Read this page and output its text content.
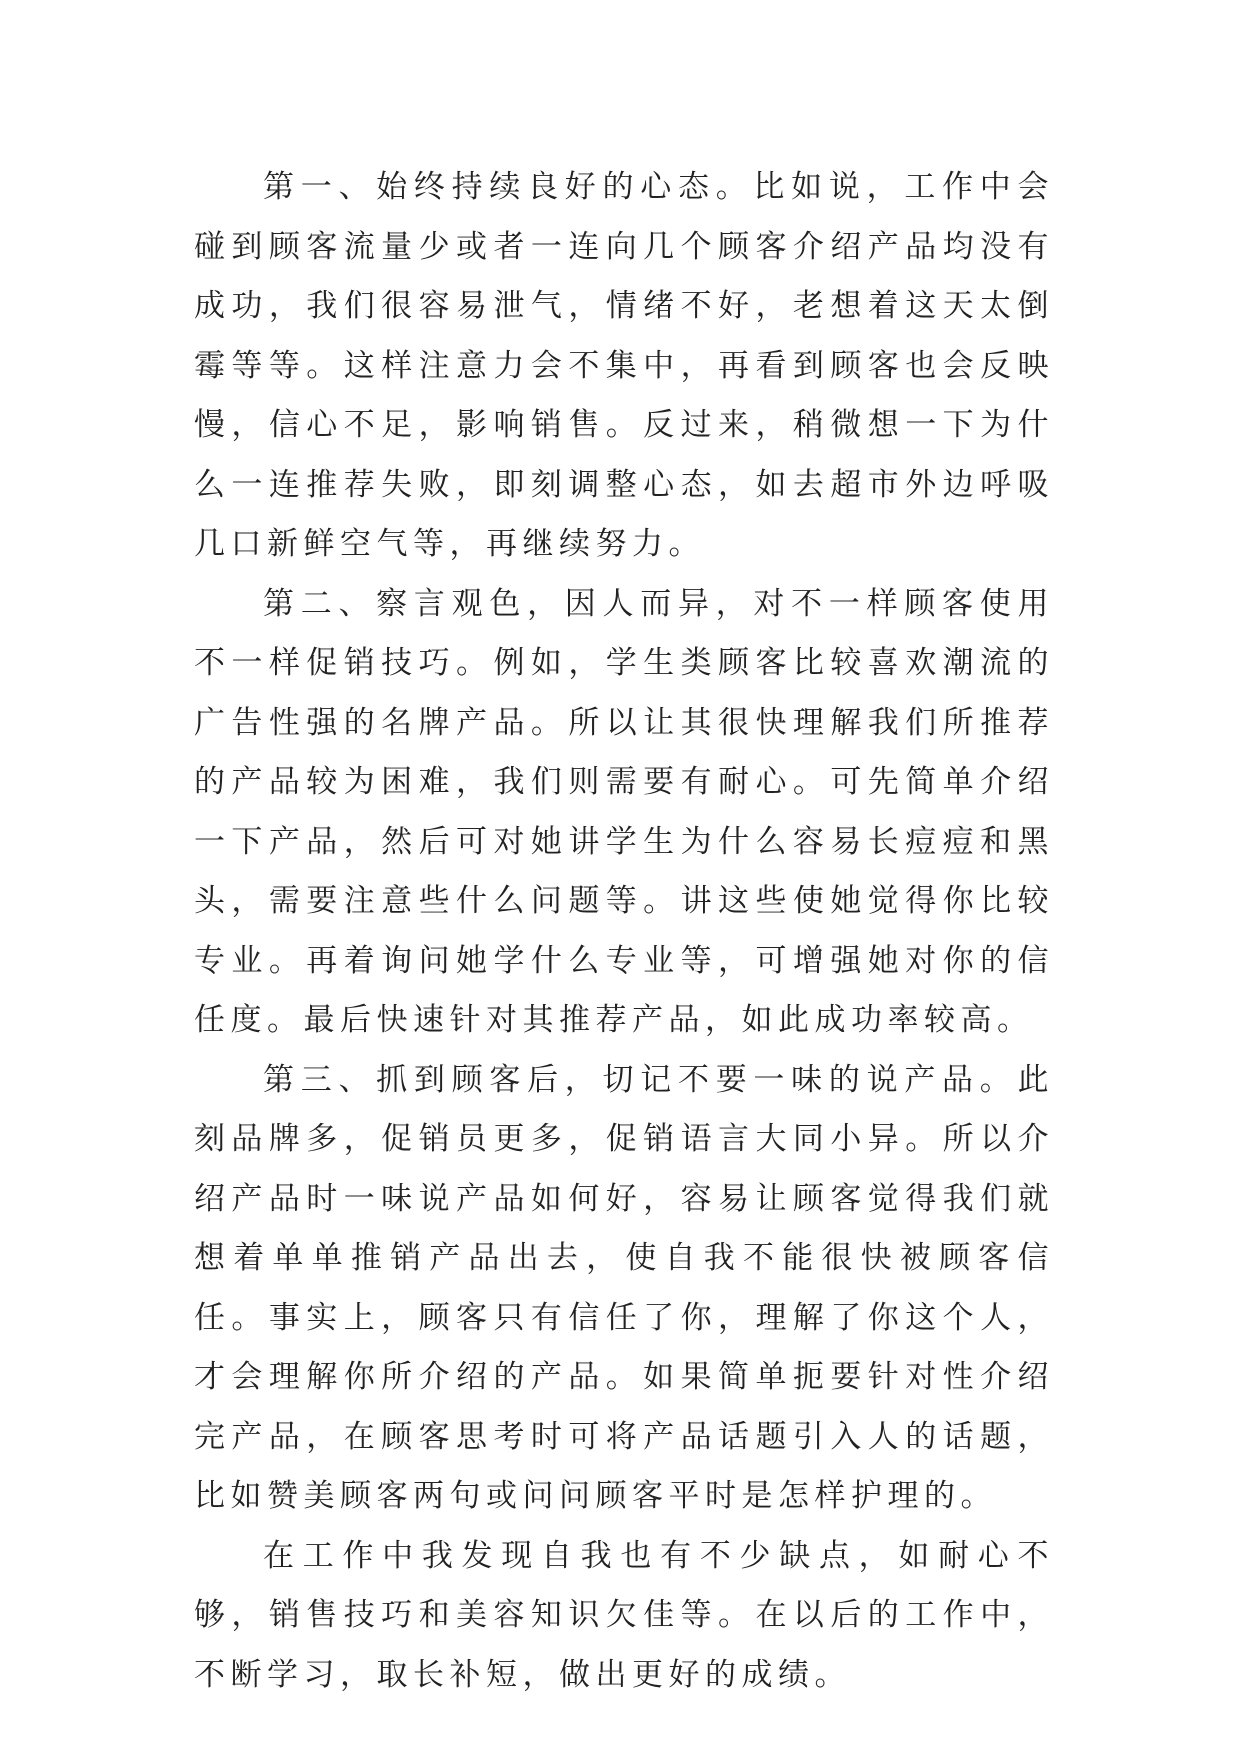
第一、始终持续良好的心态。比如说，工作中会碰到顾客流量少或者一连向几个顾客介绍产品均没有成功，我们很容易泄气，情绪不好，老想着这天太倒霉等等。这样注意力会不集中，再看到顾客也会反映慢，信心不足，影响销售。反过来，稍微想一下为什么一连推荐失败，即刻调整心态，如去超市外边呼吸几口新鲜空气等，再继续努力。

第二、察言观色，因人而异，对不一样顾客使用不一样促销技巧。例如，学生类顾客比较喜欢潮流的广告性强的名牌产品。所以让其很快理解我们所推荐的产品较为困难，我们则需要有耐心。可先简单介绍一下产品，然后可对她讲学生为什么容易长痘痘和黑头，需要注意些什么问题等。讲这些使她觉得你比较专业。再着询问她学什么专业等，可增强她对你的信任度。最后快速针对其推荐产品，如此成功率较高。

第三、抓到顾客后，切记不要一味的说产品。此刻品牌多，促销员更多，促销语言大同小异。所以介绍产品时一味说产品如何好，容易让顾客觉得我们就想着单单推销产品出去，使自我不能很快被顾客信任。事实上，顾客只有信任了你，理解了你这个人，才会理解你所介绍的产品。如果简单扼要针对性介绍完产品，在顾客思考时可将产品话题引入人的话题，比如赞美顾客两句或问问顾客平时是怎样护理的。

在工作中我发现自我也有不少缺点，如耐心不够，销售技巧和美容知识欠佳等。在以后的工作中，不断学习，取长补短，做出更好的成绩。
